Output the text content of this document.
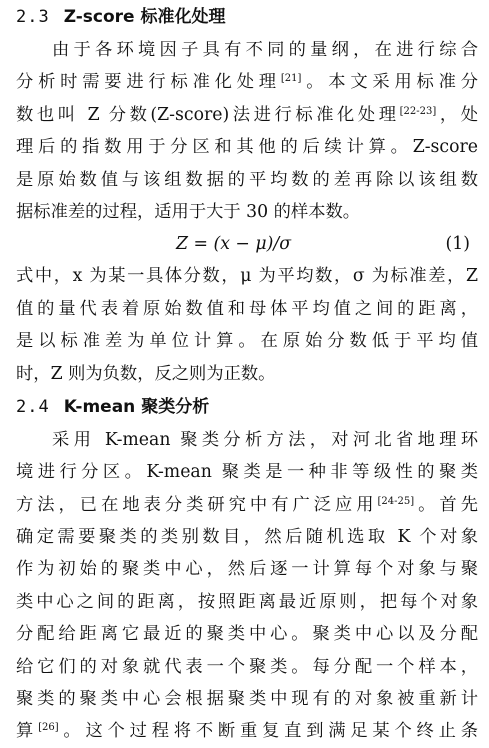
2.3 Z-score 标准化处理
由于各环境因子具有不同的量纲，在进行综合
分析时需要进行标准化处理[21]。本文采用标准分
数也叫 Z 分数(Z-score)法进行标准化处理[22-23]，处
理后的指数用于分区和其他的后续计算。Z-score
是原始数值与该组数据的平均数的差再除以该组数
据标准差的过程，适用于大于 30 的样本数。
Z = (x − μ)/σ	(1)
式中，x 为某一具体分数，μ 为平均数，σ 为标准差，Z
值的量代表着原始数值和母体平均值之间的距离，
是以标准差为单位计算。在原始分数低于平均值
时，Z 则为负数，反之则为正数。
2.4 K-mean 聚类分析
采用 K-mean 聚类分析方法，对河北省地理环
境进行分区。K-mean 聚类是一种非等级性的聚类
方法，已在地表分类研究中有广泛应用[24-25]。首先
确定需要聚类的类别数目，然后随机选取 K 个对象
作为初始的聚类中心，然后逐一计算每个对象与聚
类中心之间的距离，按照距离最近原则，把每个对象
分配给距离它最近的聚类中心。聚类中心以及分配
给它们的对象就代表一个聚类。每分配一个样本，
聚类的聚类中心会根据聚类中现有的对象被重新计
算[26]。这个过程将不断重复直到满足某个终止条
